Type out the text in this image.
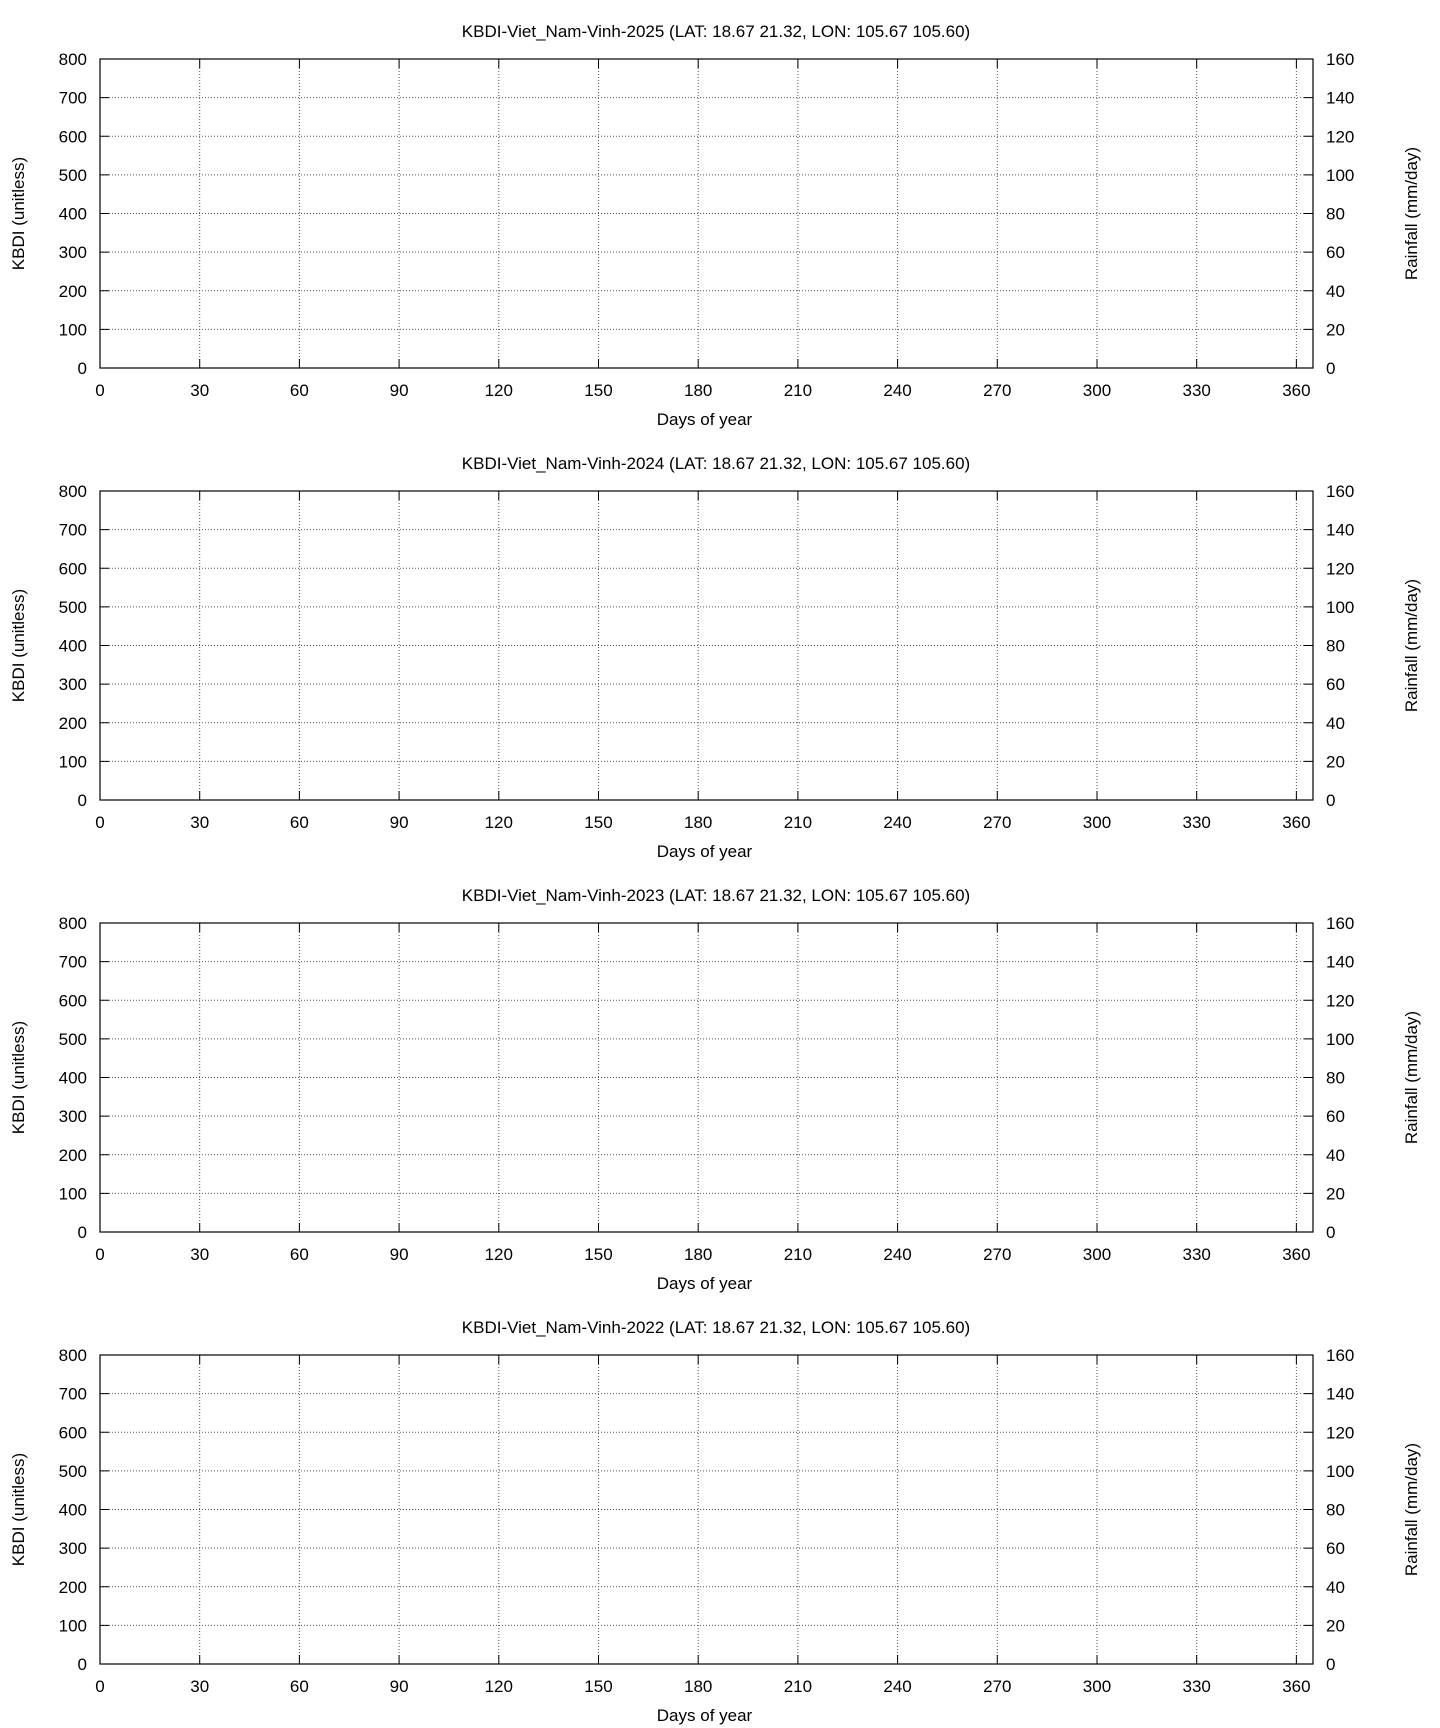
KBDI-Viet_Nam-Vinh-2025 (LAT: 18.67 21.32, LON: 105.67 105.60)
0
100
200
300
400
500
600
700
800
0
20
40
60
80
100
120
140
160
0	30	60	90	120	150	180	210	240	270	300	330	360
Days of year
KBDI (unitless)	Rainfall (mm/day)
KBDI-Viet_Nam-Vinh-2024 (LAT: 18.67 21.32, LON: 105.67 105.60)
0
100
200
300
400
500
600
700
800
0
20
40
60
80
100
120
140
160
0	30	60	90	120	150	180	210	240	270	300	330	360
Days of year
KBDI (unitless)	Rainfall (mm/day)
KBDI-Viet_Nam-Vinh-2023 (LAT: 18.67 21.32, LON: 105.67 105.60)
0
100
200
300
400
500
600
700
800
0
20
40
60
80
100
120
140
160
0	30	60	90	120	150	180	210	240	270	300	330	360
Days of year
KBDI (unitless)	Rainfall (mm/day)
KBDI-Viet_Nam-Vinh-2022 (LAT: 18.67 21.32, LON: 105.67 105.60)
0
100
200
300
400
500
600
700
800
0
20
40
60
80
100
120
140
160
0	30	60	90	120	150	180	210	240	270	300	330	360
Days of year
KBDI (unitless)	Rainfall (mm/day)
